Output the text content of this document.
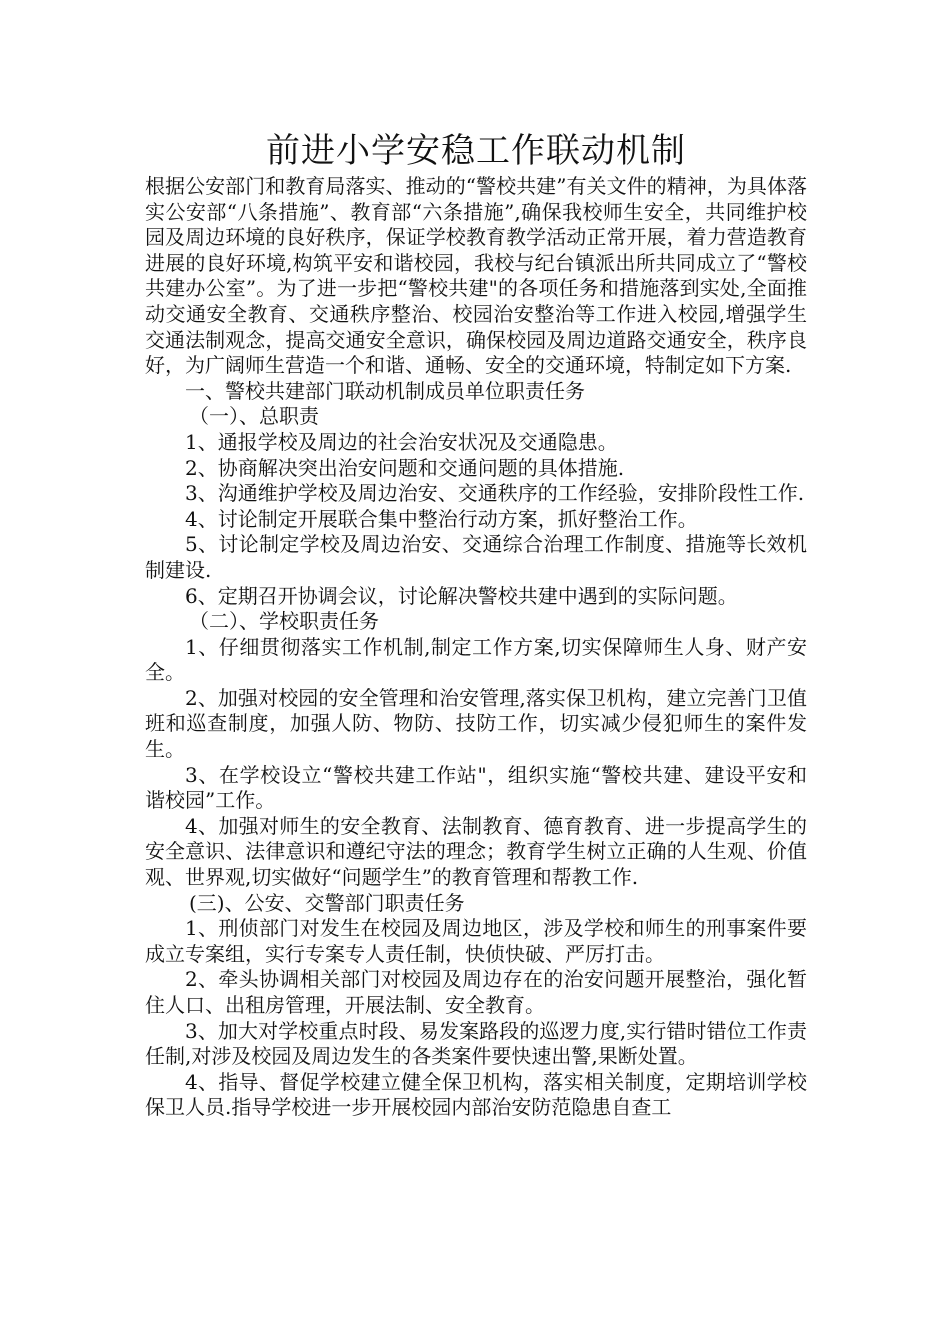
前进小学安稳工作联动机制

根据公安部门和教育局落实、推动的“警校共建”有关文件的精神，为具体落实公安部“八条措施”、教育部“六条措施”,确保我校师生安全，共同维护校园及周边环境的良好秩序，保证学校教育教学活动正常开展，着力营造教育进展的良好环境,构筑平安和谐校园，我校与纪台镇派出所共同成立了“警校共建办公室”。为了进一步把“警校共建"的各项任务和措施落到实处,全面推动交通安全教育、交通秩序整治、校园治安整治等工作进入校园,增强学生交通法制观念，提高交通安全意识，确保校园及周边道路交通安全，秩序良好，为广阔师生营造一个和谐、通畅、安全的交通环境，特制定如下方案.

一、警校共建部门联动机制成员单位职责任务

（一）、总职责

1、通报学校及周边的社会治安状况及交通隐患。

2、协商解决突出治安问题和交通问题的具体措施.

3、沟通维护学校及周边治安、交通秩序的工作经验，安排阶段性工作.

4、讨论制定开展联合集中整治行动方案，抓好整治工作。

5、讨论制定学校及周边治安、交通综合治理工作制度、措施等长效机制建设.

6、定期召开协调会议，讨论解决警校共建中遇到的实际问题。

（二）、学校职责任务

1、仔细贯彻落实工作机制,制定工作方案,切实保障师生人身、财产安全。

2、加强对校园的安全管理和治安管理,落实保卫机构，建立完善门卫值班和巡查制度，加强人防、物防、技防工作，切实减少侵犯师生的案件发生。

3、在学校设立“警校共建工作站"，组织实施“警校共建、建设平安和谐校园”工作。

4、加强对师生的安全教育、法制教育、德育教育、进一步提高学生的安全意识、法律意识和遵纪守法的理念；教育学生树立正确的人生观、价值观、世界观,切实做好“问题学生”的教育管理和帮教工作.

(三)、公安、交警部门职责任务

1、刑侦部门对发生在校园及周边地区，涉及学校和师生的刑事案件要成立专案组，实行专案专人责任制，快侦快破、严厉打击。

2、牵头协调相关部门对校园及周边存在的治安问题开展整治，强化暂住人口、出租房管理，开展法制、安全教育。

3、加大对学校重点时段、易发案路段的巡逻力度,实行错时错位工作责任制,对涉及校园及周边发生的各类案件要快速出警,果断处置。

4、指导、督促学校建立健全保卫机构，落实相关制度，定期培训学校保卫人员.指导学校进一步开展校园内部治安防范隐患自查工
